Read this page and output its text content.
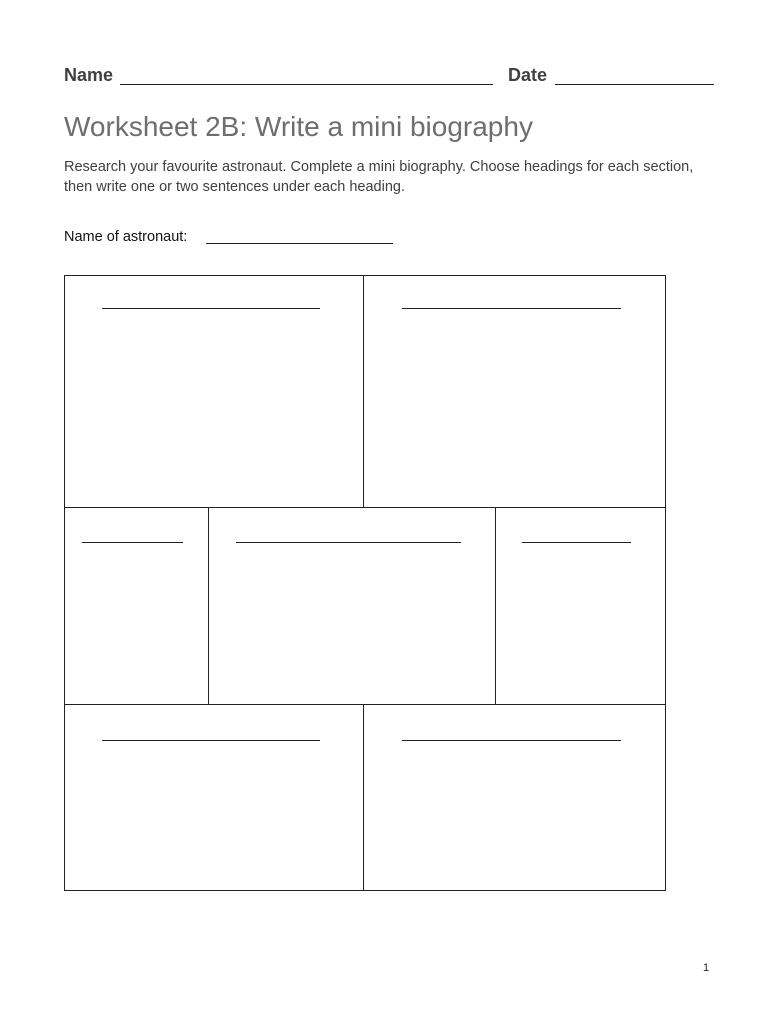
Name	Date
Worksheet 2B: Write a mini biography
Research your favourite astronaut. Complete a mini biography. Choose headings for each section, then write one or two sentences under each heading.
Name of astronaut:
1
